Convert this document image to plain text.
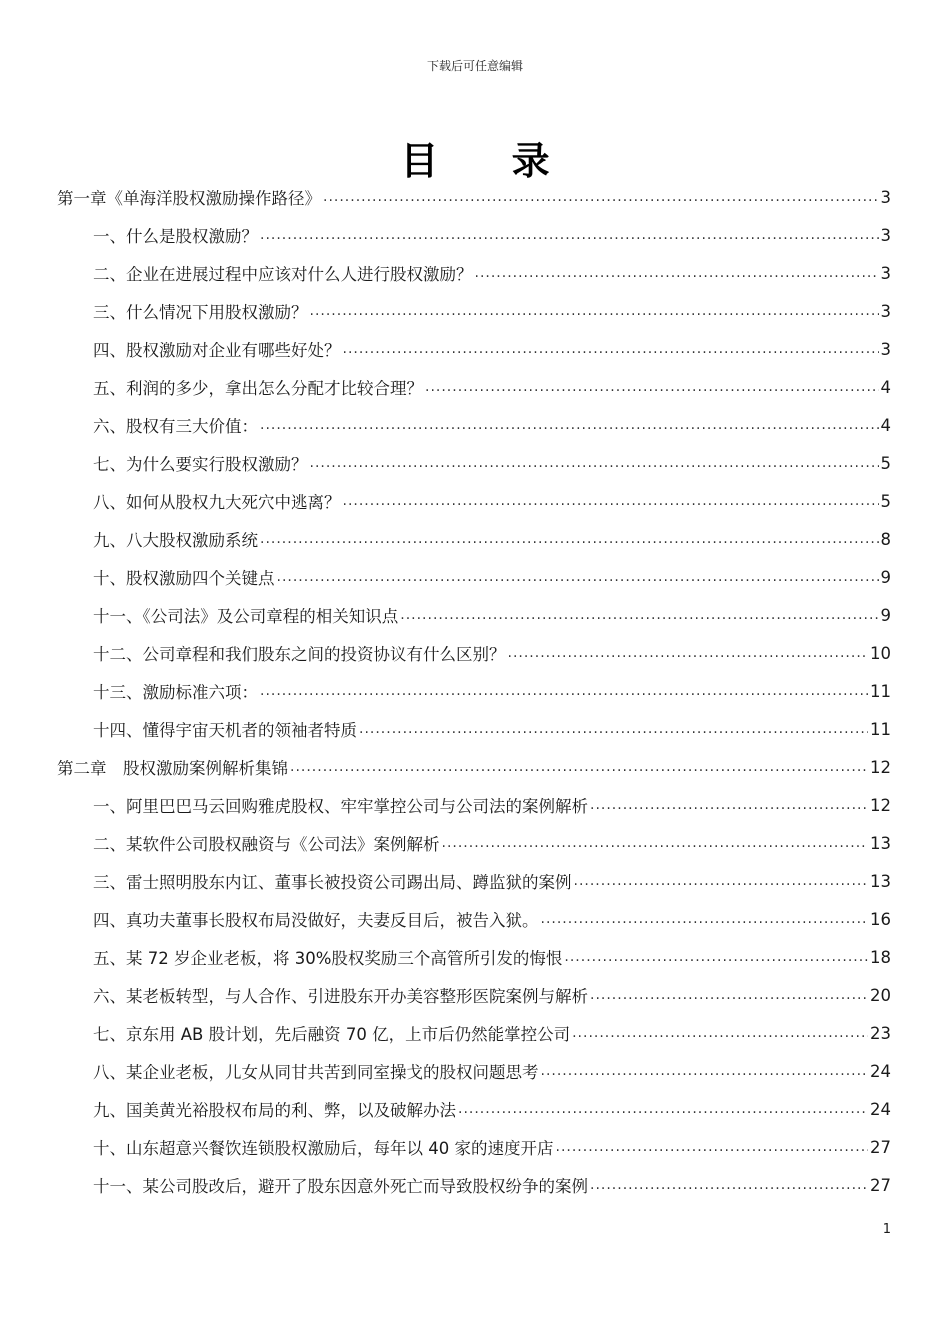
下载后可任意编辑
目 录
第一章《单海洋股权激励操作路径》 .....	3
一、什么是股权激励？ .....	3
二、企业在进展过程中应该对什么人进行股权激励？ .....	3
三、什么情况下用股权激励？ .....	3
四、股权激励对企业有哪些好处？ .....	3
五、利润的多少，拿出怎么分配才比较合理？ .....	4
六、股权有三大价值： .....	4
七、为什么要实行股权激励？ .....	5
八、如何从股权九大死穴中逃离？ .....	5
九、八大股权激励系统 .....	8
十、股权激励四个关键点 .....	9
十一、《公司法》及公司章程的相关知识点 .....	9
十二、公司章程和我们股东之间的投资协议有什么区别？ .....	10
十三、激励标准六项： .....	11
十四、懂得宇宙天机者的领袖者特质 .....	11
第二章　股权激励案例解析集锦 .....	12
一、阿里巴巴马云回购雅虎股权、牢牢掌控公司与公司法的案例解析 .....	12
二、某软件公司股权融资与《公司法》案例解析 .....	13
三、雷士照明股东内讧、董事长被投资公司踢出局、蹲监狱的案例 .....	13
四、真功夫董事长股权布局没做好，夫妻反目后，被告入狱。 .....	16
五、某 72 岁企业老板，将 30%股权奖励三个高管所引发的悔恨 .....	18
六、某老板转型，与人合作、引进股东开办美容整形医院案例与解析 .....	20
七、京东用 AB 股计划，先后融资 70 亿，上市后仍然能掌控公司 .....	23
八、某企业老板，儿女从同甘共苦到同室操戈的股权问题思考 .....	24
九、国美黄光裕股权布局的利、弊，以及破解办法 .....	24
十、山东超意兴餐饮连锁股权激励后，每年以 40 家的速度开店 .....	27
十一、某公司股改后，避开了股东因意外死亡而导致股权纷争的案例 .....	27
1
